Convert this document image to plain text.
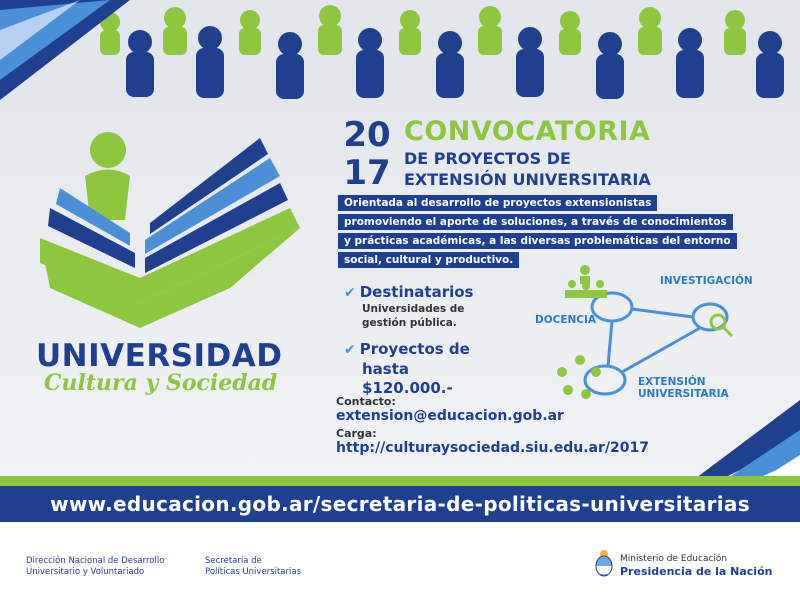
UNIVERSIDAD
Cultura y Sociedad
20
17
CONVOCATORIA
DE PROYECTOS DE
EXTENSIÓN UNIVERSITARIA
Orientada al desarrollo de proyectos extensionistas
promoviendo el aporte de soluciones, a través de conocimientos
y prácticas académicas, a las diversas problemáticas del entorno
social, cultural y productivo.
✔ Destinatarios
Universidades de
gestión pública.
✔ Proyectos de
hasta $120.000.-
Contacto:
extension@educacion.gob.ar
Carga:
http://culturaysociedad.siu.edu.ar/2017
INVESTIGACIÓN
DOCENCIA
EXTENSIÓN
UNIVERSITARIA
www.educacion.gob.ar/secretaria-de-politicas-universitarias
Dirección Nacional de Desarrollo
Universitario y Voluntariado
Secretaría de
Políticas Universitarias
Ministerio de Educación
Presidencia de la Nación
